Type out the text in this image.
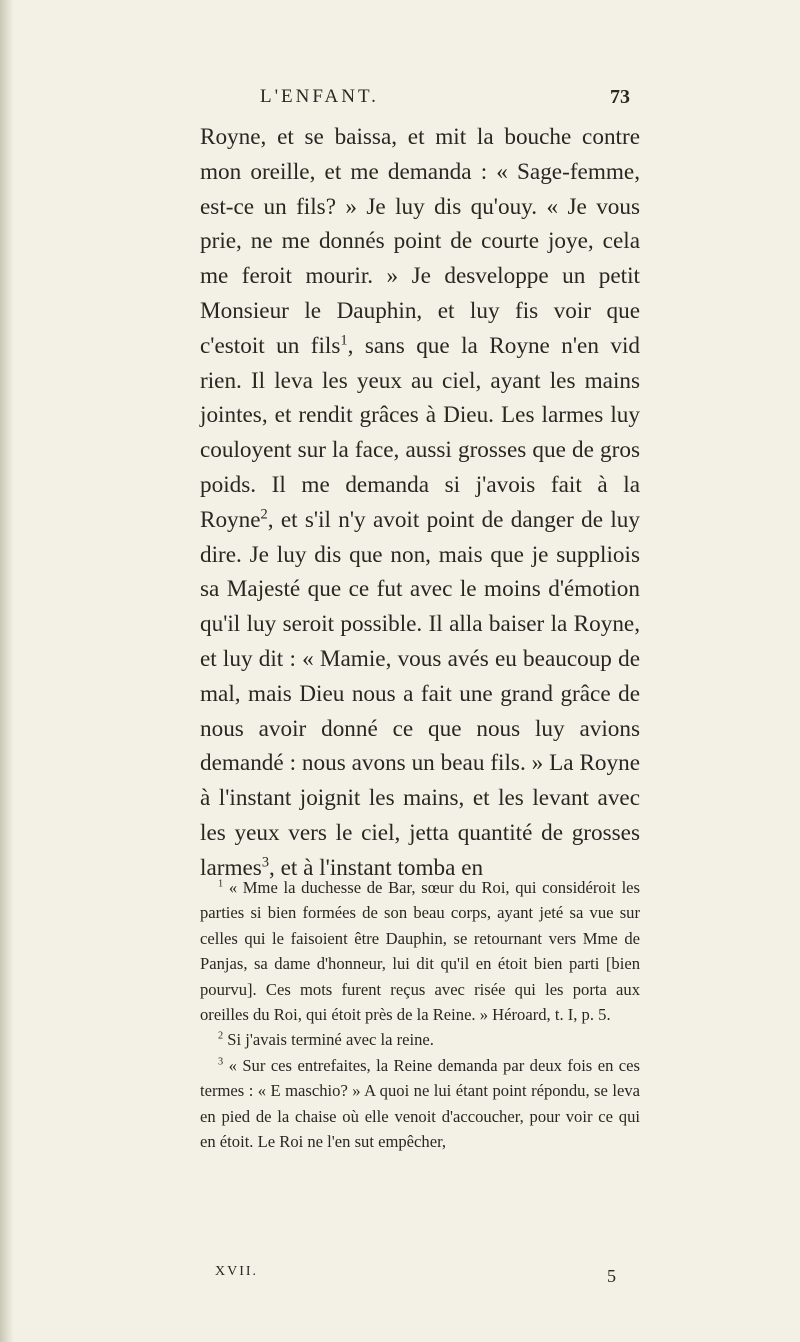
L'ENFANT.	73

Royne, et se baissa, et mit la bouche contre mon oreille, et me demanda : « Sage-femme, est-ce un fils? » Je luy dis qu'ouy. « Je vous prie, ne me donnés point de courte joye, cela me feroit mourir. » Je desveloppe un petit Monsieur le Dauphin, et luy fis voir que c'estoit un fils$^1$, sans que la Royne n'en vid rien. Il leva les yeux au ciel, ayant les mains jointes, et rendit grâces à Dieu. Les larmes luy couloyent sur la face, aussi grosses que de gros poids. Il me demanda si j'avois fait à la Royne$^2$, et s'il n'y avoit point de danger de luy dire. Je luy dis que non, mais que je suppliois sa Majesté que ce fut avec le moins d'émotion qu'il luy seroit possible. Il alla baiser la Royne, et luy dit : « Mamie, vous avés eu beaucoup de mal, mais Dieu nous a fait une grand grâce de nous avoir donné ce que nous luy avions demandé : nous avons un beau fils. » La Royne à l'instant joignit les mains, et les levant avec les yeux vers le ciel, jetta quantité de grosses larmes$^3$, et à l'instant tomba en

$^1$ « Mme la duchesse de Bar, sœur du Roi, qui considéroit les parties si bien formées de son beau corps, ayant jeté sa vue sur celles qui le faisoient être Dauphin, se retournant vers Mme de Panjas, sa dame d'honneur, lui dit qu'il en étoit bien parti [bien pourvu]. Ces mots furent reçus avec risée qui les porta aux oreilles du Roi, qui étoit près de la Reine. » Héroard, t. I, p. 5.

$^2$ Si j'avais terminé avec la reine.

$^3$ « Sur ces entrefaites, la Reine demanda par deux fois en ces termes : « E maschio? » A quoi ne lui étant point répondu, se leva en pied de la chaise où elle venoit d'accoucher, pour voir ce qui en étoit. Le Roi ne l'en sut empêcher,

XVII.	5
